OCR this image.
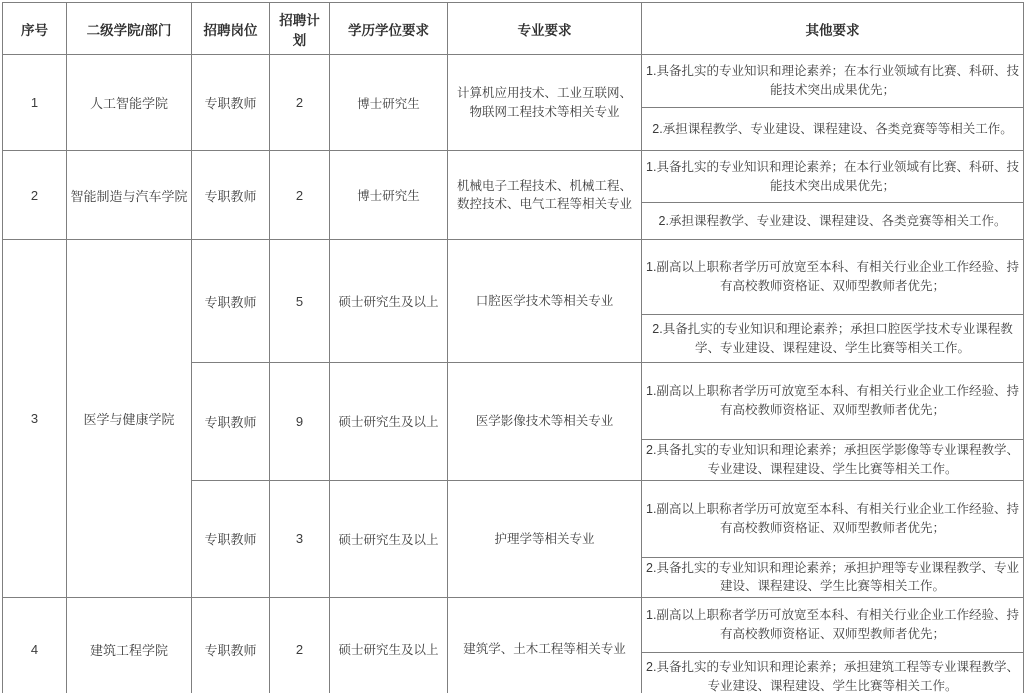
序号	二级学院/部门	招聘岗位	招聘计划	学历学位要求	专业要求	其他要求
1	人工智能学院	专职教师	2	博士研究生	计算机应用技术、工业互联网、物联网工程技术等相关专业	1.具备扎实的专业知识和理论素养；在本行业领域有比赛、科研、技能技术突出成果优先；
						2.承担课程教学、专业建设、课程建设、各类竞赛等等相关工作。
2	智能制造与汽车学院	专职教师	2	博士研究生	机械电子工程技术、机械工程、数控技术、电气工程等相关专业	1.具备扎实的专业知识和理论素养；在本行业领域有比赛、科研、技能技术突出成果优先；
						2.承担课程教学、专业建设、课程建设、各类竞赛等相关工作。
3	医学与健康学院	专职教师	5	硕士研究生及以上	口腔医学技术等相关专业	1.副高以上职称者学历可放宽至本科、有相关行业企业工作经验、持有高校教师资格证、双师型教师者优先；
						2.具备扎实的专业知识和理论素养；承担口腔医学技术专业课程教学、专业建设、课程建设、学生比赛等相关工作。
		专职教师	9	硕士研究生及以上	医学影像技术等相关专业	1.副高以上职称者学历可放宽至本科、有相关行业企业工作经验、持有高校教师资格证、双师型教师者优先；
						2.具备扎实的专业知识和理论素养；承担医学影像等专业课程教学、专业建设、课程建设、学生比赛等相关工作。
		专职教师	3	硕士研究生及以上	护理学等相关专业	1.副高以上职称者学历可放宽至本科、有相关行业企业工作经验、持有高校教师资格证、双师型教师者优先；
						2.具备扎实的专业知识和理论素养；承担护理等专业课程教学、专业建设、课程建设、学生比赛等相关工作。
4	建筑工程学院	专职教师	2	硕士研究生及以上	建筑学、土木工程等相关专业	1.副高以上职称者学历可放宽至本科、有相关行业企业工作经验、持有高校教师资格证、双师型教师者优先；
						2.具备扎实的专业知识和理论素养；承担建筑工程等专业课程教学、专业建设、课程建设、学生比赛等相关工作。
